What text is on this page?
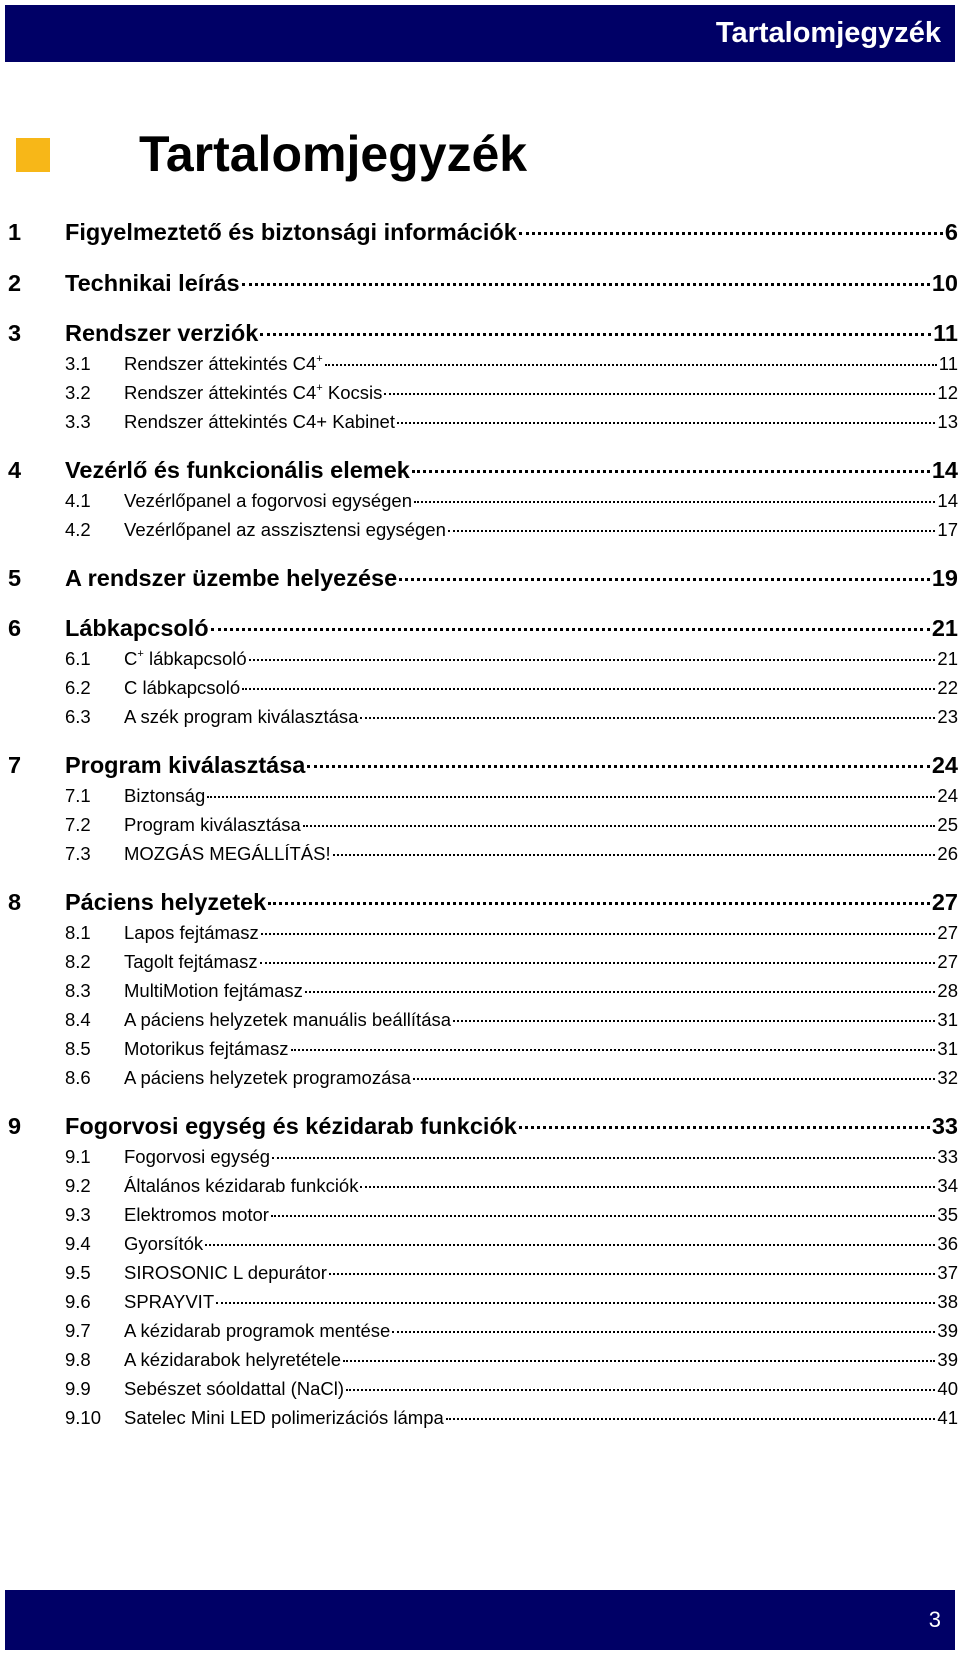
Tartalomjegyzék
Tartalomjegyzék
1	Figyelmeztető és biztonsági információk	6
2	Technikai leírás	10
3	Rendszer verziók	11
3.1	Rendszer áttekintés C4+	11
3.2	Rendszer áttekintés C4+ Kocsis	12
3.3	Rendszer áttekintés C4+ Kabinet	13
4	Vezérlő és funkcionális elemek	14
4.1	Vezérlőpanel a fogorvosi egységen	14
4.2	Vezérlőpanel az asszisztensi egységen	17
5	A rendszer üzembe helyezése	19
6	Lábkapcsoló	21
6.1	C+ lábkapcsoló	21
6.2	C lábkapcsoló	22
6.3	A szék program kiválasztása	23
7	Program kiválasztása	24
7.1	Biztonság	24
7.2	Program kiválasztása	25
7.3	MOZGÁS MEGÁLLÍTÁS!	26
8	Páciens helyzetek	27
8.1	Lapos fejtámasz	27
8.2	Tagolt fejtámasz	27
8.3	MultiMotion fejtámasz	28
8.4	A páciens helyzetek manuális beállítása	31
8.5	Motorikus fejtámasz	31
8.6	A páciens helyzetek programozása	32
9	Fogorvosi egység és kézidarab funkciók	33
9.1	Fogorvosi egység	33
9.2	Általános kézidarab funkciók	34
9.3	Elektromos motor	35
9.4	Gyorsítók	36
9.5	SIROSONIC L depurátor	37
9.6	SPRAYVIT	38
9.7	A kézidarab programok mentése	39
9.8	A kézidarabok helyretétele	39
9.9	Sebészet sóoldattal (NaCl)	40
9.10	Satelec Mini LED polimerizációs lámpa	41
3
